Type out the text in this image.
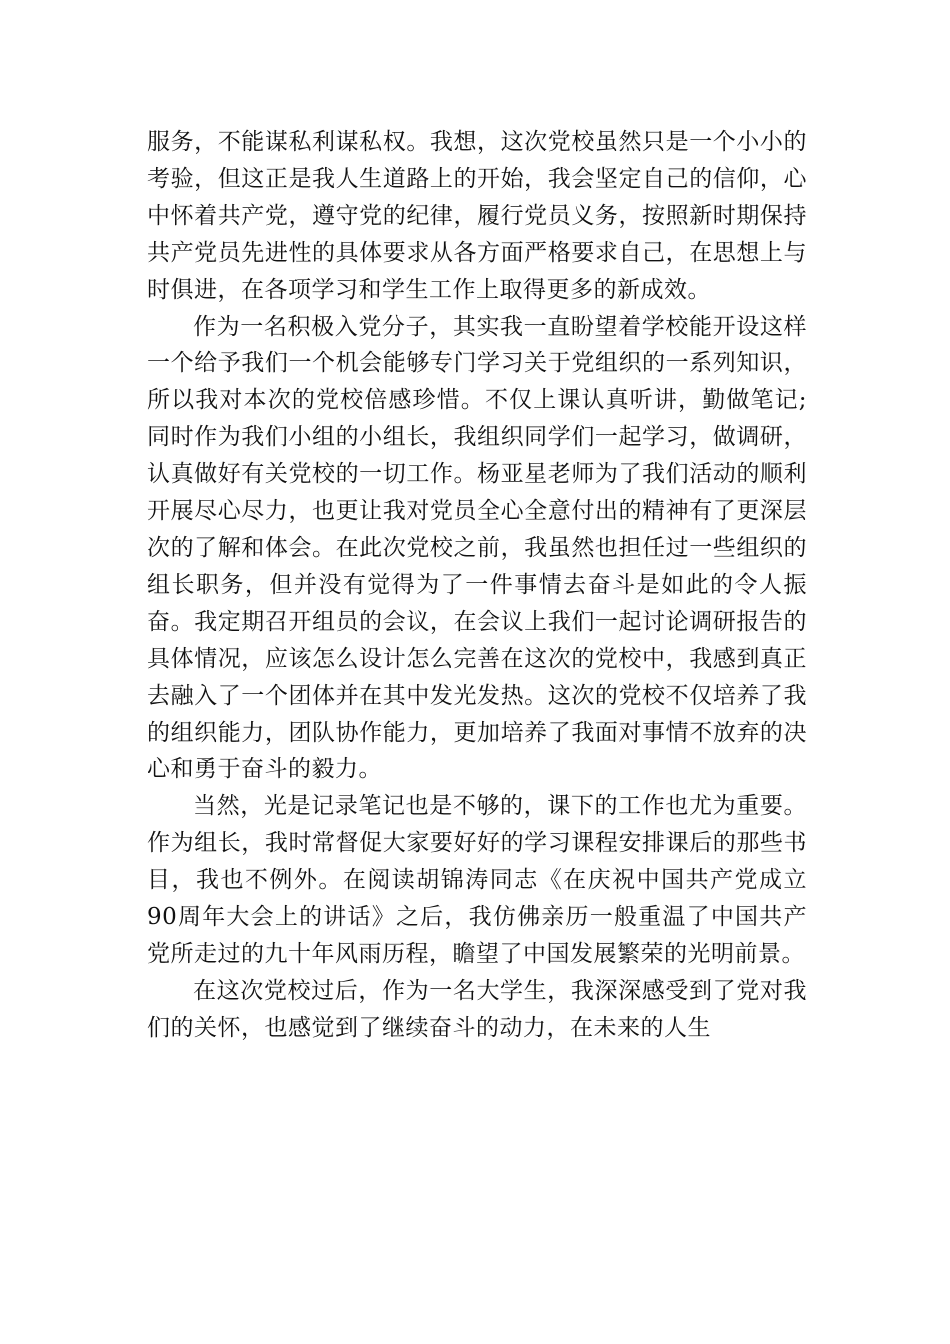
服务，不能谋私利谋私权。我想，这次党校虽然只是一个小小的考验，但这正是我人生道路上的开始，我会坚定自己的信仰，心中怀着共产党，遵守党的纪律，履行党员义务，按照新时期保持共产党员先进性的具体要求从各方面严格要求自己，在思想上与时俱进，在各项学习和学生工作上取得更多的新成效。

作为一名积极入党分子，其实我一直盼望着学校能开设这样一个给予我们一个机会能够专门学习关于党组织的一系列知识，所以我对本次的党校倍感珍惜。不仅上课认真听讲，勤做笔记;同时作为我们小组的小组长，我组织同学们一起学习，做调研，认真做好有关党校的一切工作。杨亚星老师为了我们活动的顺利开展尽心尽力，也更让我对党员全心全意付出的精神有了更深层次的了解和体会。在此次党校之前，我虽然也担任过一些组织的组长职务，但并没有觉得为了一件事情去奋斗是如此的令人振奋。我定期召开组员的会议，在会议上我们一起讨论调研报告的具体情况，应该怎么设计怎么完善在这次的党校中，我感到真正去融入了一个团体并在其中发光发热。这次的党校不仅培养了我的组织能力，团队协作能力，更加培养了我面对事情不放弃的决心和勇于奋斗的毅力。

当然，光是记录笔记也是不够的，课下的工作也尤为重要。作为组长，我时常督促大家要好好的学习课程安排课后的那些书目，我也不例外。在阅读胡锦涛同志《在庆祝中国共产党成立90周年大会上的讲话》之后，我仿佛亲历一般重温了中国共产党所走过的九十年风雨历程，瞻望了中国发展繁荣的光明前景。

在这次党校过后，作为一名大学生，我深深感受到了党对我们的关怀，也感觉到了继续奋斗的动力，在未来的人生
